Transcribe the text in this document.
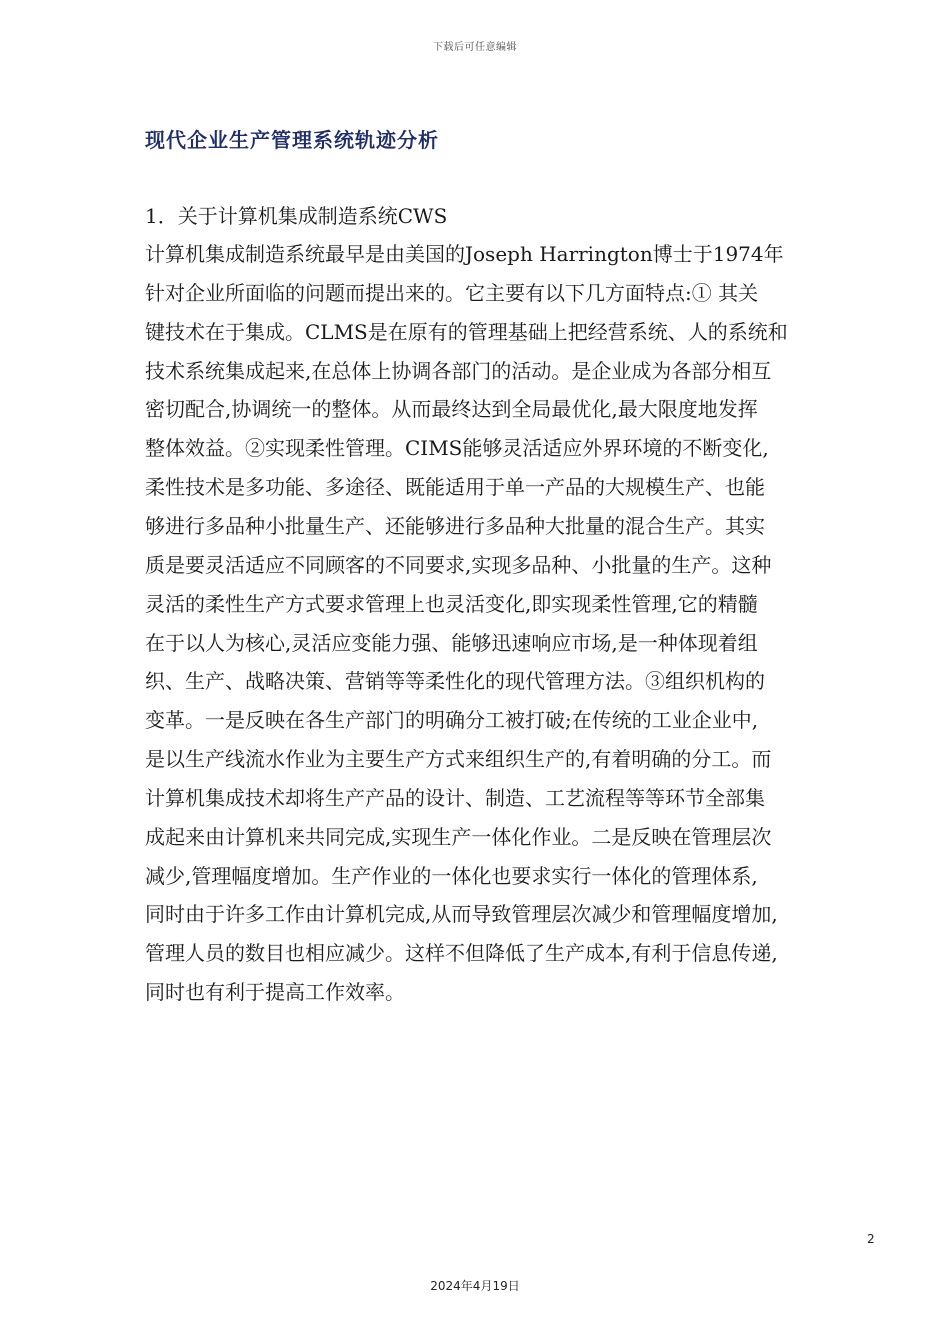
下载后可任意编辑
现代企业生产管理系统轨迹分析

1．关于计算机集成制造系统CWS

计算机集成制造系统最早是由美国的Joseph Harrington博士于1974年

针对企业所面临的问题而提出来的。它主要有以下几方面特点:① 其关

键技术在于集成。CLMS是在原有的管理基础上把经营系统、人的系统和

技术系统集成起来,在总体上协调各部门的活动。是企业成为各部分相互

密切配合,协调统一的整体。从而最终达到全局最优化,最大限度地发挥

整体效益。②实现柔性管理。CIMS能够灵活适应外界环境的不断变化,

柔性技术是多功能、多途径、既能适用于单一产品的大规模生产、也能

够进行多品种小批量生产、还能够进行多品种大批量的混合生产。其实

质是要灵活适应不同顾客的不同要求,实现多品种、小批量的生产。这种

灵活的柔性生产方式要求管理上也灵活变化,即实现柔性管理,它的精髓

在于以人为核心,灵活应变能力强、能够迅速响应市场,是一种体现着组

织、生产、战略决策、营销等等柔性化的现代管理方法。③组织机构的

变革。一是反映在各生产部门的明确分工被打破;在传统的工业企业中,

是以生产线流水作业为主要生产方式来组织生产的,有着明确的分工。而

计算机集成技术却将生产产品的设计、制造、工艺流程等等环节全部集

成起来由计算机来共同完成,实现生产一体化作业。二是反映在管理层次

减少,管理幅度增加。生产作业的一体化也要求实行一体化的管理体系,

同时由于许多工作由计算机完成,从而导致管理层次减少和管理幅度增加,

管理人员的数目也相应减少。这样不但降低了生产成本,有利于信息传递,

同时也有利于提高工作效率。

2
2024年4月19日
